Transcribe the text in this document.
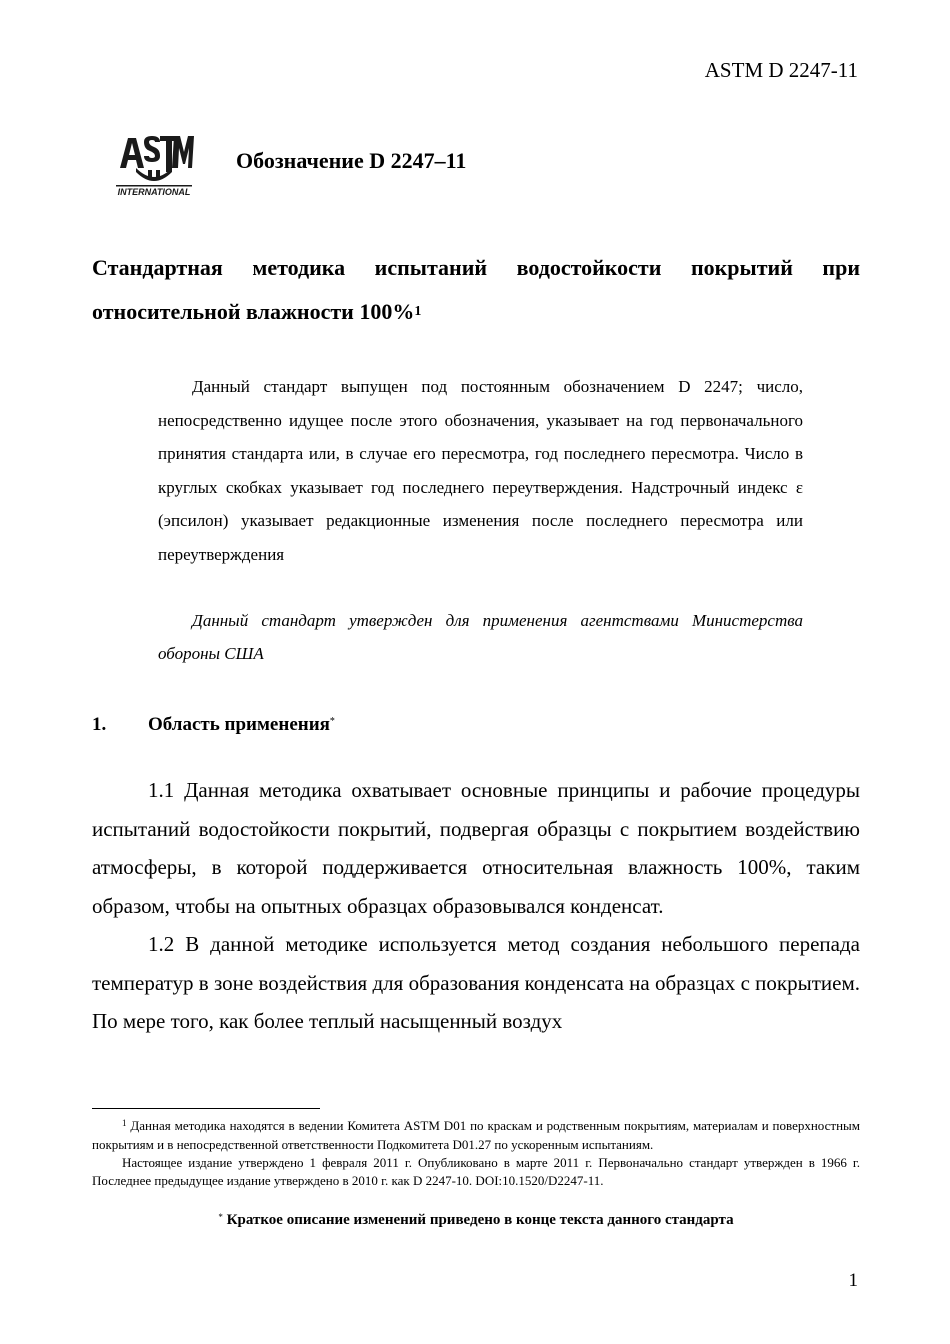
ASTM D 2247-11
INTERNATIONAL
Обозначение D 2247–11
Стандартная методика испытаний водостойкости покрытий при относительной влажности 100%$^1$
Данный стандарт выпущен под постоянным обозначением D 2247; число, непосредственно идущее после этого обозначения, указывает на год первоначального принятия стандарта или, в случае его пересмотра, год последнего пересмотра. Число в круглых скобках указывает год последнего переутверждения. Надстрочный индекс ε (эпсилон) указывает редакционные изменения после последнего пересмотра или переутверждения
Данный стандарт утвержден для применения агентствами Министерства обороны США
1. Область применения*

1.1 Данная методика охватывает основные принципы и рабочие процедуры испытаний водостойкости покрытий, подвергая образцы с покрытием воздействию атмосферы, в которой поддерживается относительная влажность 100%, таким образом, чтобы на опытных образцах образовывался конденсат.

1.2 В данной методике используется метод создания небольшого перепада температур в зоне воздействия для образования конденсата на образцах с покрытием. По мере того, как более теплый насыщенный воздух

$^1$ Данная методика находятся в ведении Комитета ASTM D01 по краскам и родственным покрытиям, материалам и поверхностным покрытиям и в непосредственной ответственности Подкомитета D01.27 по ускоренным испытаниям.

Настоящее издание утверждено 1 февраля 2011 г. Опубликовано в марте 2011 г. Первоначально стандарт утвержден в 1966 г. Последнее предыдущее издание утверждено в 2010 г. как D 2247-10. DOI:10.1520/D2247-11.

* Краткое описание изменений приведено в конце текста данного стандарта
1
